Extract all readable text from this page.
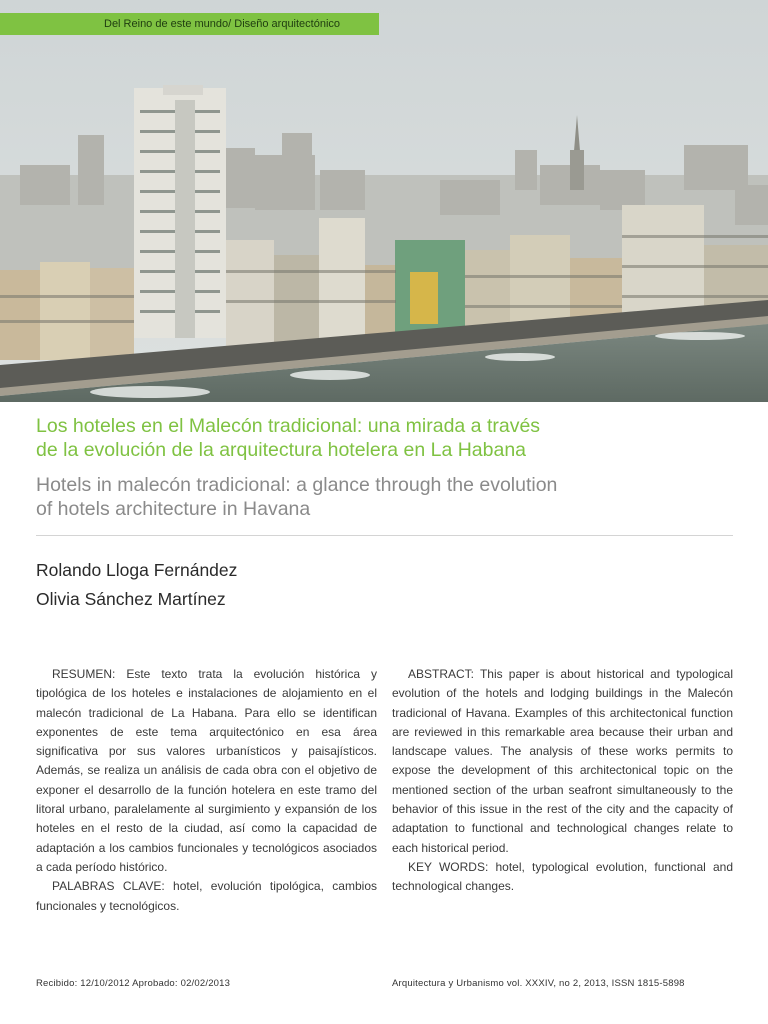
Del Reino de este mundo/ Diseño arquitectónico
Los hoteles en el Malecón tradicional: una mirada a través
de la evolución de la arquitectura hotelera en La Habana
Hotels in malecón tradicional: a glance through the evolution
of hotels architecture in Havana
Rolando Lloga Fernández
Olivia Sánchez Martínez

RESUMEN: Este texto trata la evolución histórica y tipológica de los hoteles e instalaciones de alojamiento en el malecón tradicional de La Habana. Para ello se identifican exponentes de este tema arquitectónico en esa área significativa por sus valores urbanísticos y paisajísticos. Además, se realiza un análisis de cada obra con el objetivo de exponer el desarrollo de la función hotelera en este tramo del litoral urbano, paralelamente al surgimiento y expansión de los hoteles en el resto de la ciudad, así como la capacidad de adaptación a los cambios funcionales y tecnológicos asociados a cada período histórico.

PALABRAS CLAVE: hotel, evolución tipológica, cambios funcionales y tecnológicos.

ABSTRACT: This paper is about historical and typological evolution of the hotels and lodging buildings in the Malecón tradicional of Havana. Examples of this architectonical function are reviewed in this remarkable area because their urban and landscape values. The analysis of these works permits to expose the development of this architectonical topic on the mentioned section of the urban seafront simultaneously to the behavior of this issue in the rest of the city and the capacity of adaptation to functional and technological changes relate to each historical period.

KEY WORDS: hotel, typological evolution, functional and technological changes.

Recibido: 12/10/2012 Aprobado: 02/02/2013	Arquitectura y Urbanismo vol. XXXIV, no 2, 2013, ISSN 1815-5898
